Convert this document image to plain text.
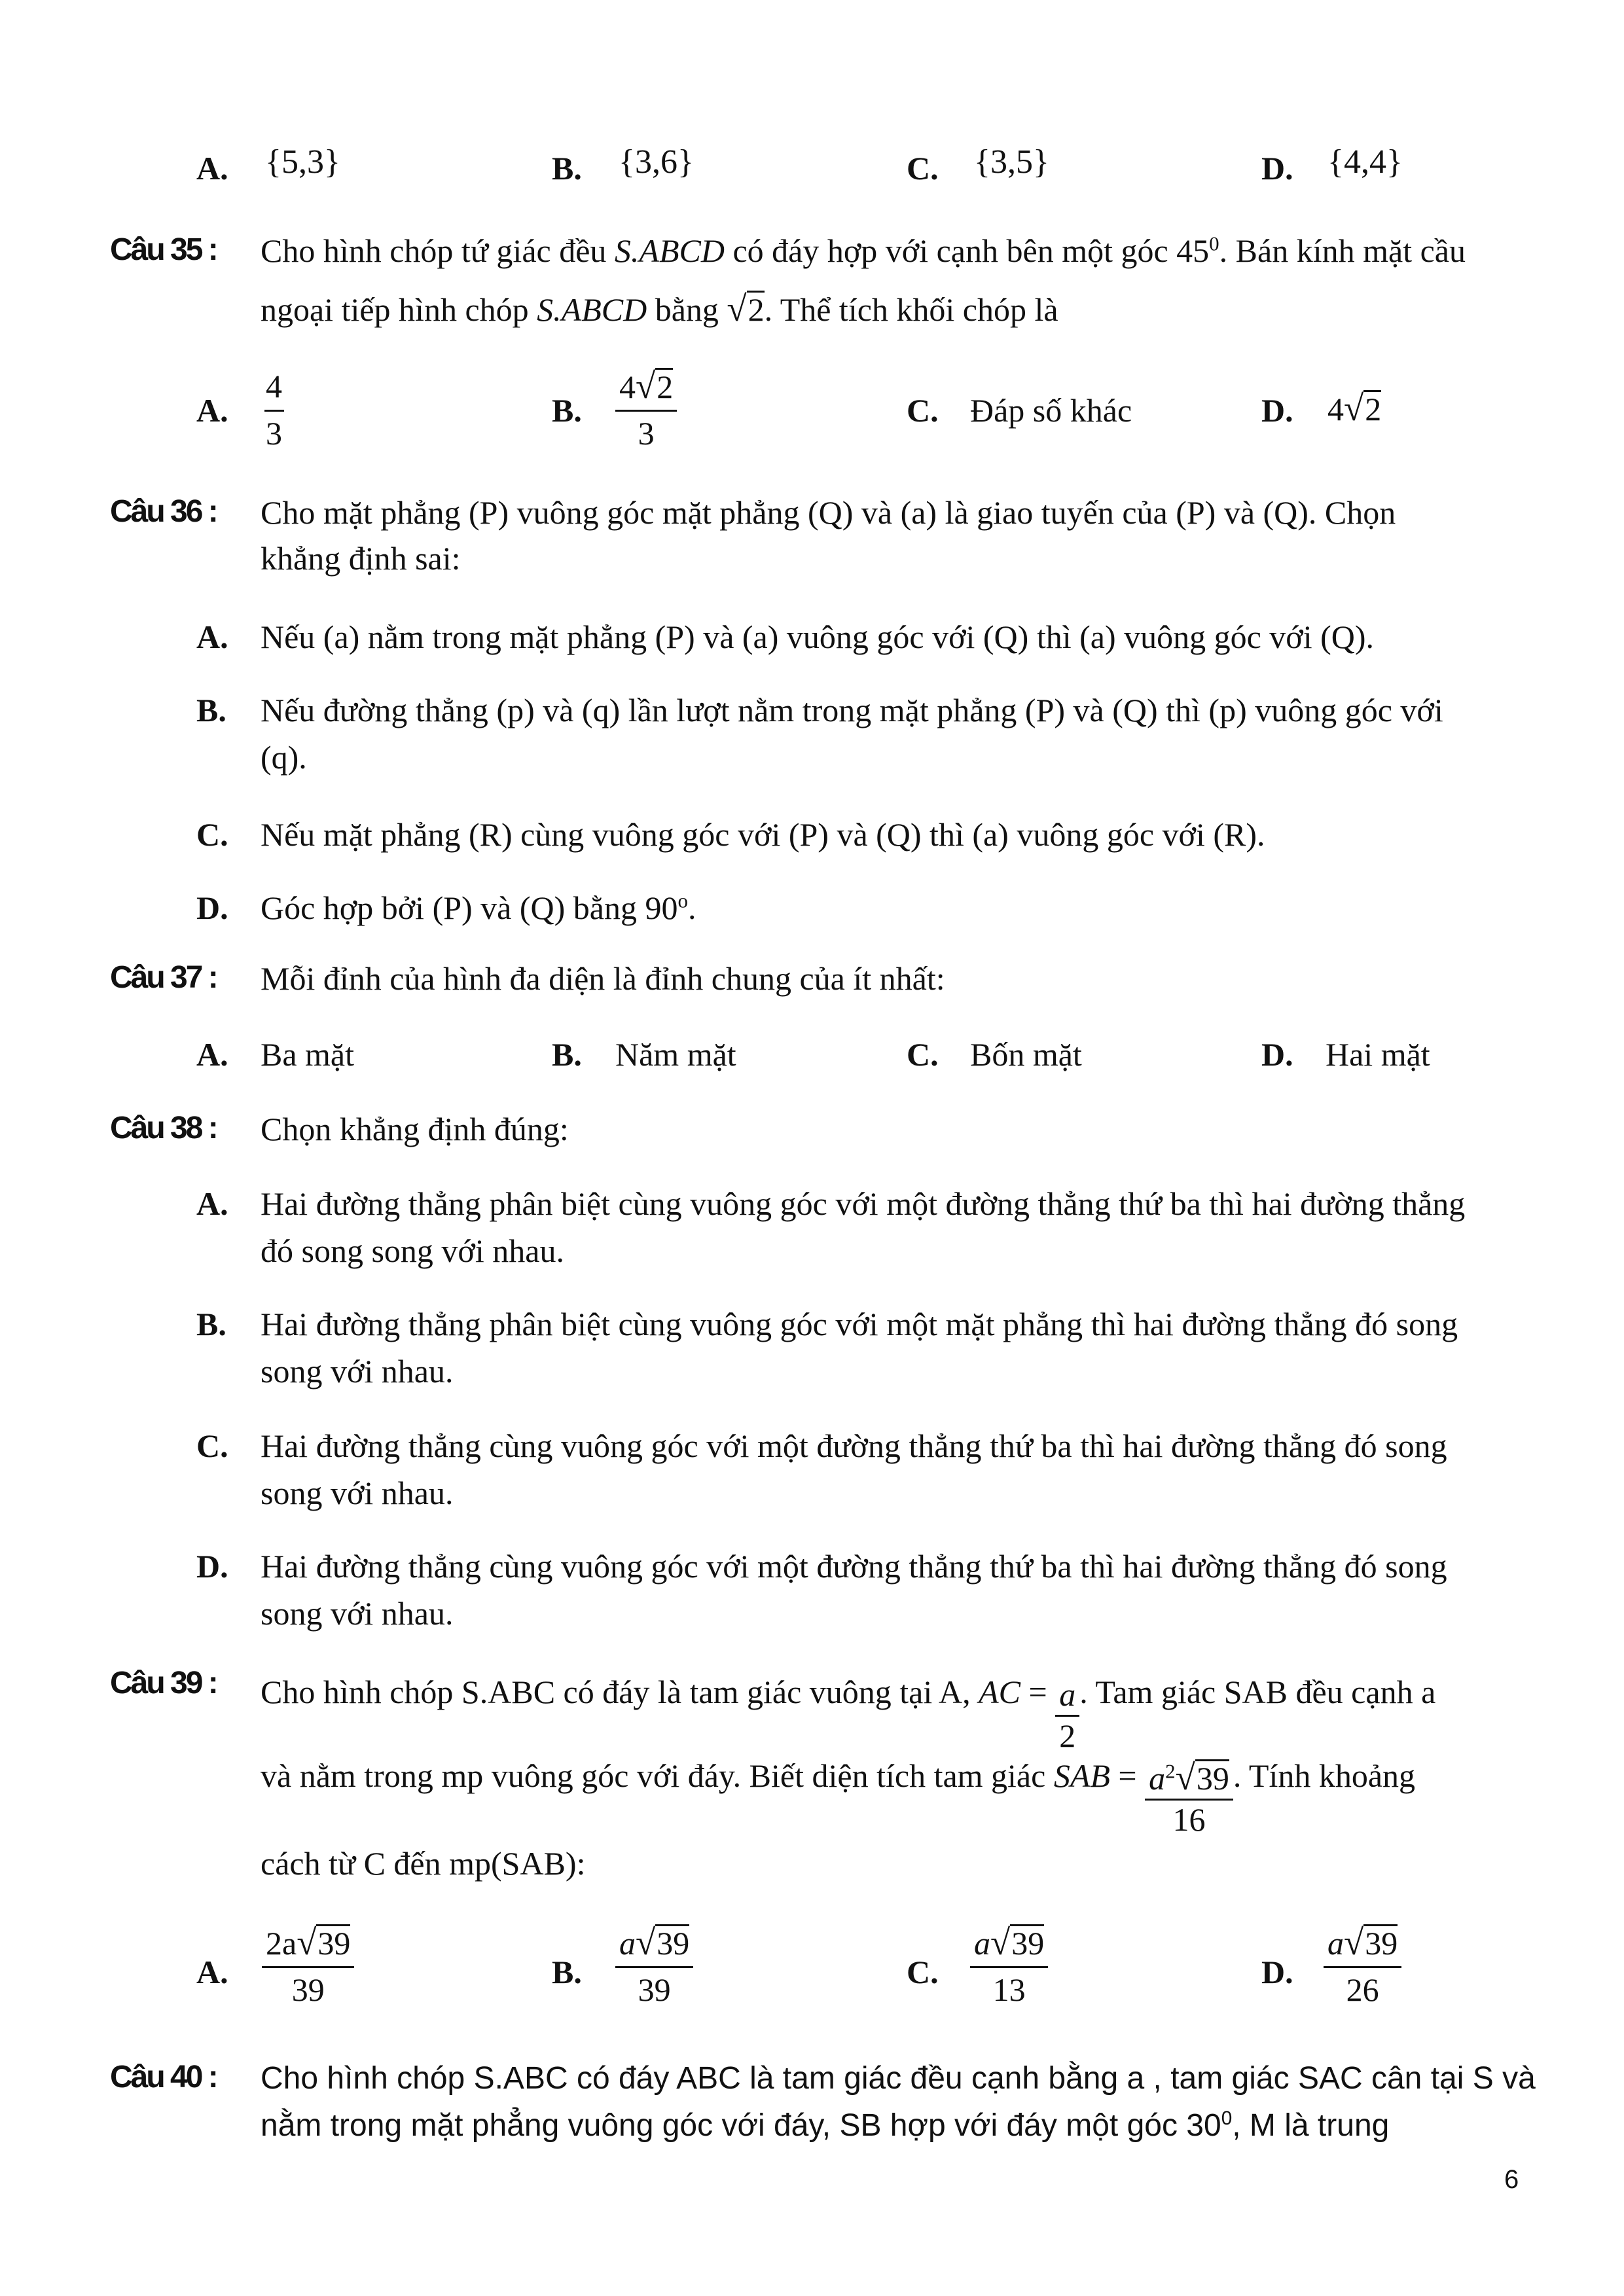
A. {5,3}	B. {3,6}	C. {3,5}	D. {4,4}
Câu 35 : Cho hình chóp tứ giác đều S.ABCD có đáy hợp với cạnh bên một góc $45^0$. Bán kính mặt cầu
ngoại tiếp hình chóp S.ABCD bằng √2. Thể tích khối chóp là
A.
4
3
B. $\frac{4√2}{3}$	C. Đáp số khác	D. 4√2
Câu 36 : Cho mặt phẳng (P) vuông góc mặt phẳng (Q) và (a) là giao tuyến của (P) và (Q). Chọn
khẳng định sai:
A. Nếu (a) nằm trong mặt phẳng (P) và (a) vuông góc với (Q) thì (a) vuông góc với (Q).
B. Nếu đường thẳng (p) và (q) lần lượt nằm trong mặt phẳng (P) và (Q) thì (p) vuông góc với
(q).
C. Nếu mặt phẳng (R) cùng vuông góc với (P) và (Q) thì (a) vuông góc với (R).
D. Góc hợp bởi (P) và (Q) bằng 90$^o$.
Câu 37 : Mỗi đỉnh của hình đa diện là đỉnh chung của ít nhất:
A. Ba mặt	B. Năm mặt	C. Bốn mặt	D. Hai mặt
Câu 38 : Chọn khẳng định đúng:
A. Hai đường thẳng phân biệt cùng vuông góc với một đường thẳng thứ ba thì hai đường thẳng
đó song song với nhau.
B. Hai đường thẳng phân biệt cùng vuông góc với một mặt phẳng thì hai đường thẳng đó song
song với nhau.
C. Hai đường thẳng cùng vuông góc với một đường thẳng thứ ba thì hai đường thẳng đó song
song với nhau.
D. Hai đường thẳng cùng vuông góc với một đường thẳng thứ ba thì hai đường thẳng đó song
song với nhau.
Câu 39 : Cho hình chóp S.ABC có đáy là tam giác vuông tại A, AC = $\frac{a}{2}$ . Tam giác SAB đều cạnh a
và nằm trong mp vuông góc với đáy. Biết diện tích tam giác SAB = $\frac{a^2√39}{16}$ . Tính khoảng
cách từ C đến mp(SAB):
A. $\frac{2a√39}{39}$	B. $\frac{a√39}{39}$	C. $\frac{a√39}{13}$	D. $\frac{a√39}{26}$
Câu 40 : Cho hình chóp S.ABC có đáy ABC là tam giác đều cạnh bằng a , tam giác SAC cân tại S và
nằm trong mặt phẳng vuông góc với đáy, SB hợp với đáy một góc $30^0$, M là trung
6
